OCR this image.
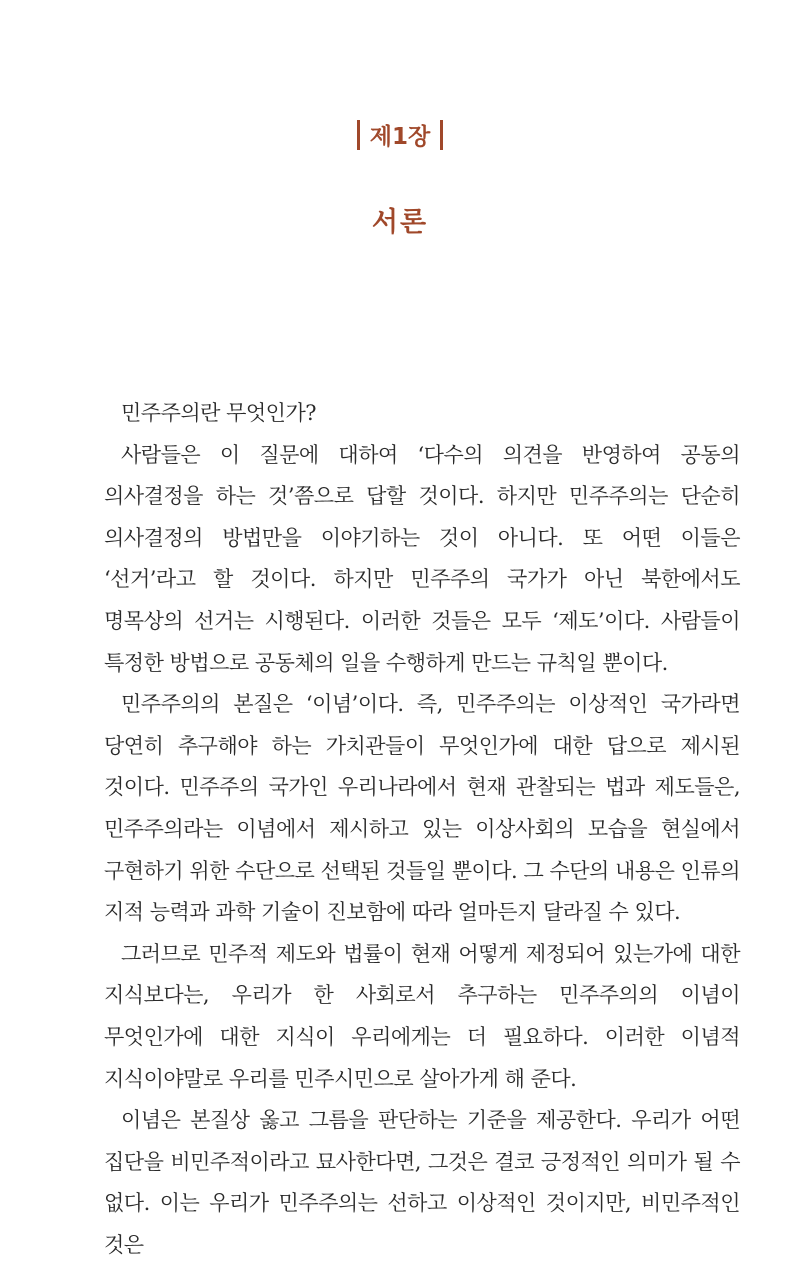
제1장
서론

민주주의란 무엇인가?

사람들은 이 질문에 대하여 ‘다수의 의견을 반영하여 공동의 의사결정을 하는 것’쯤으로 답할 것이다. 하지만 민주주의는 단순히 의사결정의 방법만을 이야기하는 것이 아니다. 또 어떤 이들은 ‘선거’라고 할 것이다. 하지만 민주주의 국가가 아닌 북한에서도 명목상의 선거는 시행된다. 이러한 것들은 모두 ‘제도’이다. 사람들이 특정한 방법으로 공동체의 일을 수행하게 만드는 규칙일 뿐이다.

민주주의의 본질은 ‘이념’이다. 즉, 민주주의는 이상적인 국가라면 당연히 추구해야 하는 가치관들이 무엇인가에 대한 답으로 제시된 것이다. 민주주의 국가인 우리나라에서 현재 관찰되는 법과 제도들은, 민주주의라는 이념에서 제시하고 있는 이상사회의 모습을 현실에서 구현하기 위한 수단으로 선택된 것들일 뿐이다. 그 수단의 내용은 인류의 지적 능력과 과학 기술이 진보함에 따라 얼마든지 달라질 수 있다.

그러므로 민주적 제도와 법률이 현재 어떻게 제정되어 있는가에 대한 지식보다는, 우리가 한 사회로서 추구하는 민주주의의 이념이 무엇인가에 대한 지식이 우리에게는 더 필요하다. 이러한 이념적 지식이야말로 우리를 민주시민으로 살아가게 해 준다.

이념은 본질상 옳고 그름을 판단하는 기준을 제공한다. 우리가 어떤 집단을 비민주적이라고 묘사한다면, 그것은 결코 긍정적인 의미가 될 수 없다. 이는 우리가 민주주의는 선하고 이상적인 것이지만, 비민주적인 것은
